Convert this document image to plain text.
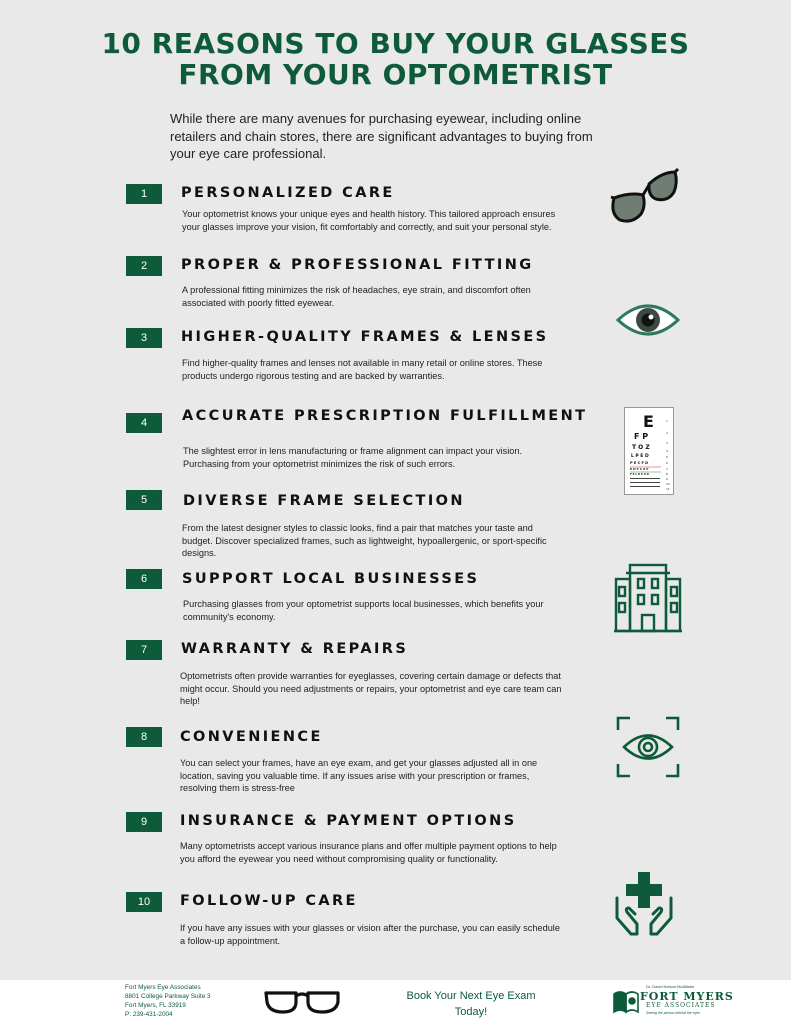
10 REASONS TO BUY YOUR GLASSES
FROM YOUR OPTOMETRIST
While there are many avenues for purchasing eyewear, including online retailers and chain stores, there are significant advantages to buying from your eye care professional.
1	PERSONALIZED CARE
Your optometrist knows your unique eyes and health history. This tailored approach ensures your glasses improve your vision, fit comfortably and correctly, and suit your personal style.
2	PROPER & PROFESSIONAL FITTING
A professional fitting minimizes the risk of headaches, eye strain, and discomfort often associated with poorly fitted eyewear.
3	HIGHER-QUALITY FRAMES & LENSES
Find higher-quality frames and lenses not available in many retail or online stores. These products undergo rigorous testing and are backed by warranties.
4	ACCURATE PRESCRIPTION FULFILLMENT
The slightest error in lens manufacturing or frame alignment can impact your vision. Purchasing from your optometrist minimizes the risk of such errors.
5	DIVERSE FRAME SELECTION
From the latest designer styles to classic looks, find a pair that matches your taste and budget. Discover specialized frames, such as lightweight, hypoallergenic, or sport-specific designs.
6	SUPPORT LOCAL BUSINESSES
Purchasing glasses from your optometrist supports local businesses, which benefits your community's economy.
7	WARRANTY & REPAIRS
Optometrists often provide warranties for eyeglasses, covering certain damage or defects that might occur. Should you need adjustments or repairs, your optometrist and eye care team can help!
8	CONVENIENCE
You can select your frames, have an eye exam, and get your glasses adjusted all in one location, saving you valuable time. If any issues arise with your prescription or frames, resolving them is stress-free
9	INSURANCE & PAYMENT OPTIONS
Many optometrists accept various insurance plans and offer multiple payment options to help you afford the eyewear you need without compromising quality or functionality.
10	FOLLOW-UP CARE
If you have any issues with your glasses or vision after the purchase, you can easily schedule a follow-up appointment.
E
F P
T O Z
L P E D
P E C F D
E D F C Z P
F E L O P Z D
1
2
3
4
5
6
7
8
9
10
11
Fort Myers Eye Associates
8801 College Parkway Suite 3
Fort Myers, FL 33919
P: 239-431-2004
Book Your Next Eye Exam
Today!
Dr. David Nelson McAllister
FORT MYERS
EYE ASSOCIATES
Seeing the person behind the eyes
